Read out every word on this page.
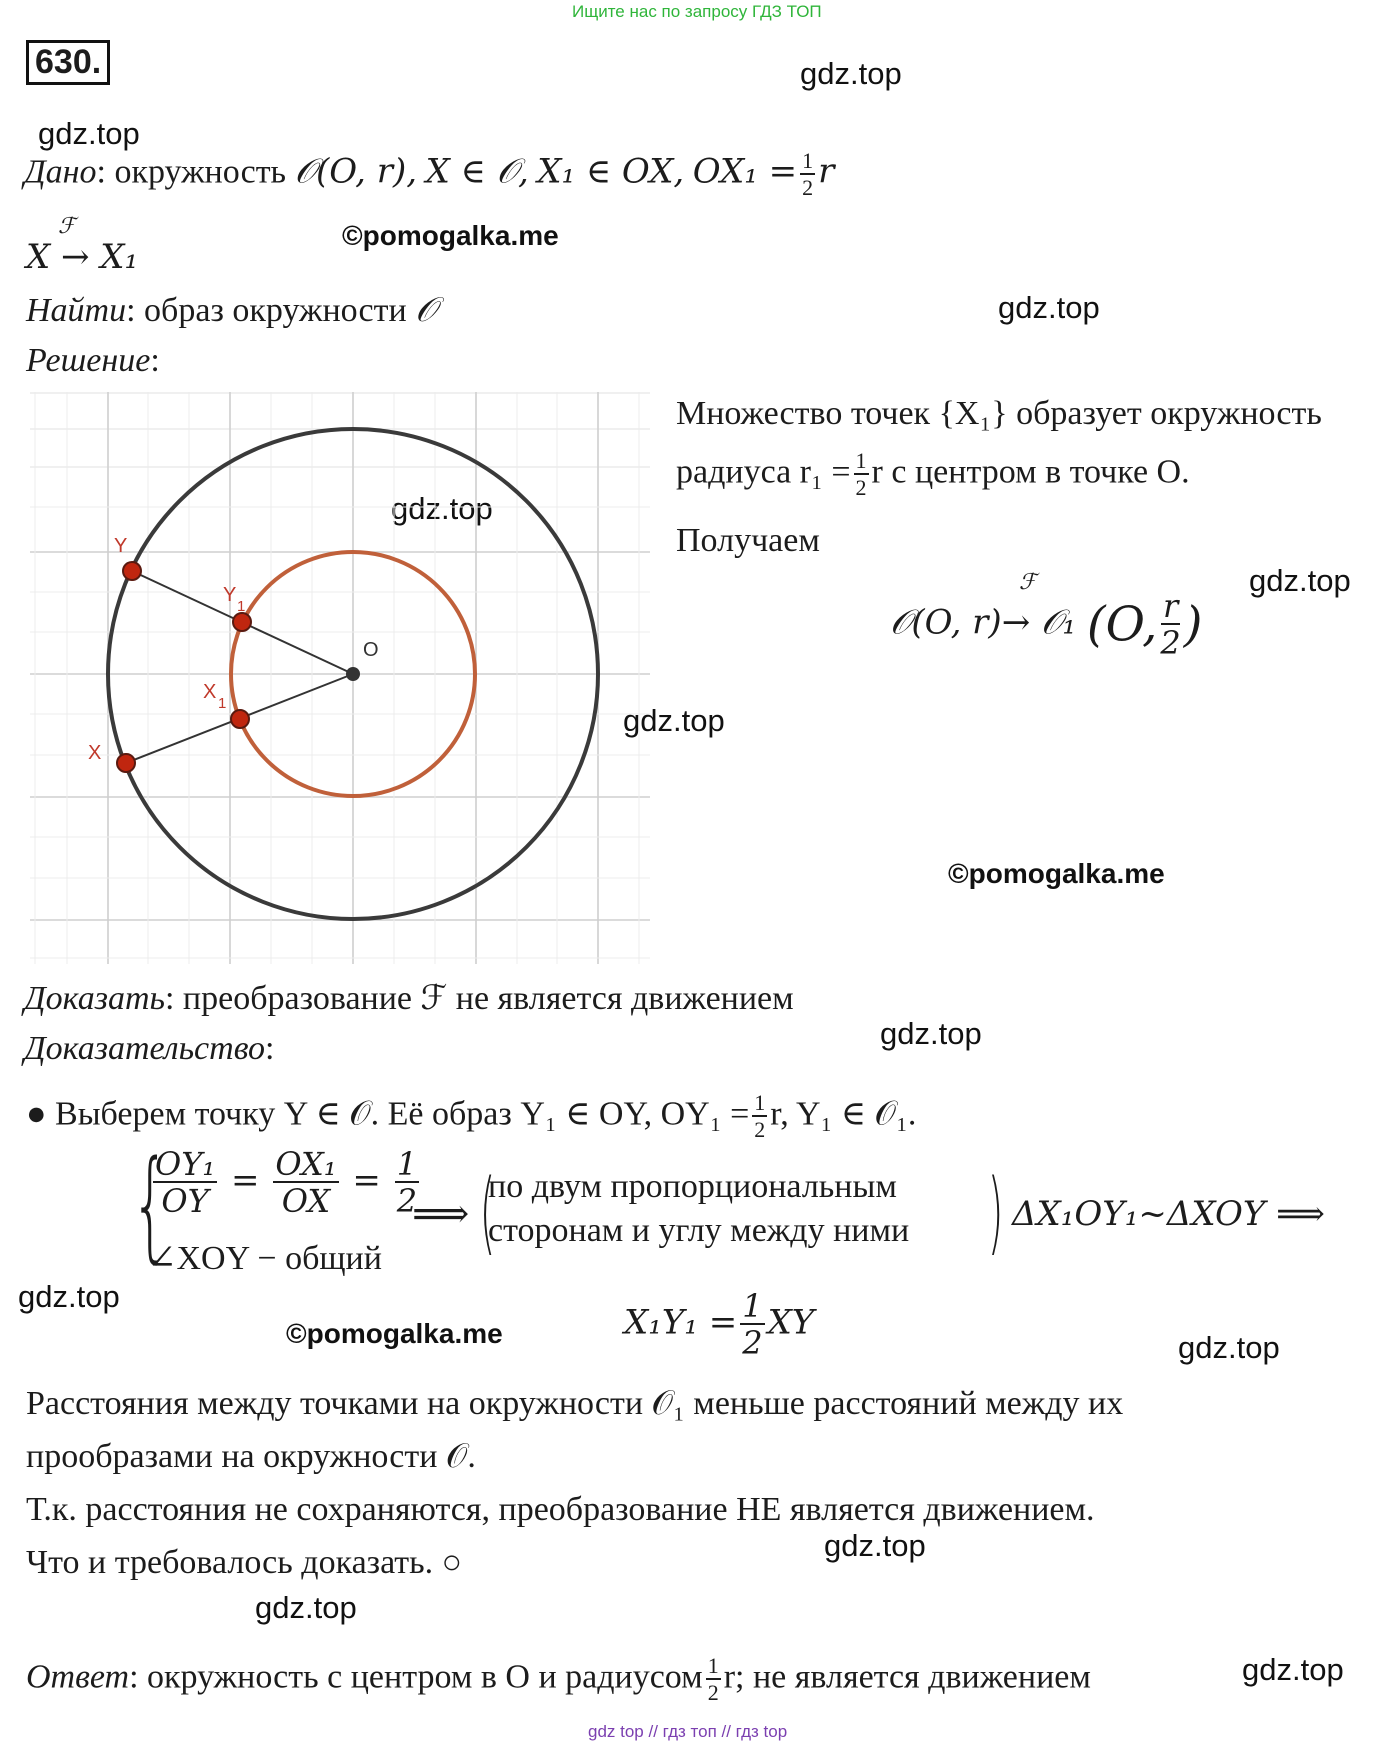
Ищите нас по запросу ГДЗ ТОП
630.	gdz.top
gdz.top
gdz.top
gdz.top
gdz.top
gdz.top
gdz.top
gdz.top
gdz.top
gdz.top
gdz.top
gdz.top
©pomogalka.me
©pomogalka.me
©pomogalka.me
Дано: окружность 𝒪(O, r), X ∈ 𝒪, X₁ ∈ OX, $OX_1 = \frac{1}{2}$ r
ℱ
X → X₁
Найти: образ окружности 𝒪
Решение:
Y
Y
1
X
1
X
O
Множество точек {X₁} образует окружность
радиуса $r_1 = \frac{1}{2}$ r с центром в точке O.
Получаем
ℱ
𝒪(O, r)→ 𝒪₁ (O, $\frac{r}{2}$ )
Доказать: преобразование ℱ не является движением
Доказательство:
● Выберем точку Y ∈ 𝒪. Её образ Y₁ ∈ OY, $OY_1 = \frac{1}{2} r$, Y₁ ∈ 𝒪₁.
{
$\frac{\text{OY₁}}{OY} = \frac{\text{OX₁}}{OX} = \frac{1}{2}$
∠XOY − общий
⟹ (
по двум пропорциональным
сторонам и углу между ними ) ΔX₁OY₁~ΔXOY ⟹
$X_1Y_1 = \frac{1}{2}$ XY
Расстояния между точками на окружности 𝒪₁ меньше расстояний между их
прообразами на окружности 𝒪.
Т.к. расстояния не сохраняются, преобразование НЕ является движением.
Что и требовалось доказать. ○
Ответ: окружность с центром в O и радиусом $\frac{1}{2} r$; не является движением
gdz top // гдз топ // гдз top
